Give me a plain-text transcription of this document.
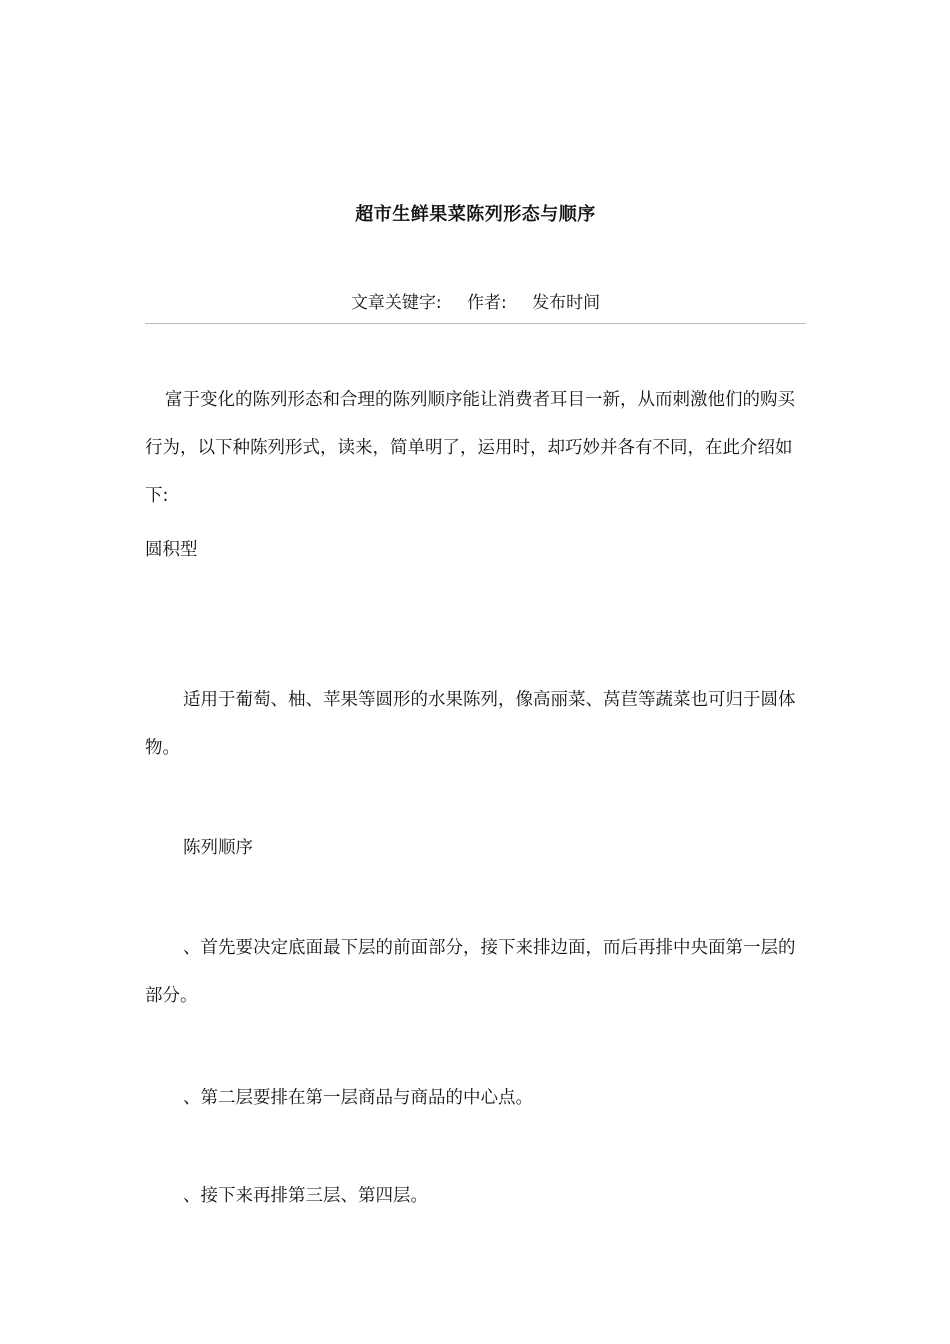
超市生鲜果菜陈列形态与顺序
文章关键字: 作者: 发布时间

富于变化的陈列形态和合理的陈列顺序能让消费者耳目一新，从而刺激他们的购买行为，以下种陈列形式，读来，简单明了，运用时，却巧妙并各有不同，在此介绍如下:

圆积型

适用于葡萄、柚、苹果等圆形的水果陈列，像高丽菜、莴苣等蔬菜也可归于圆体物。

陈列顺序

、首先要决定底面最下层的前面部分，接下来排边面，而后再排中央面第一层的部分。

、第二层要排在第一层商品与商品的中心点。

、接下来再排第三层、第四层。
